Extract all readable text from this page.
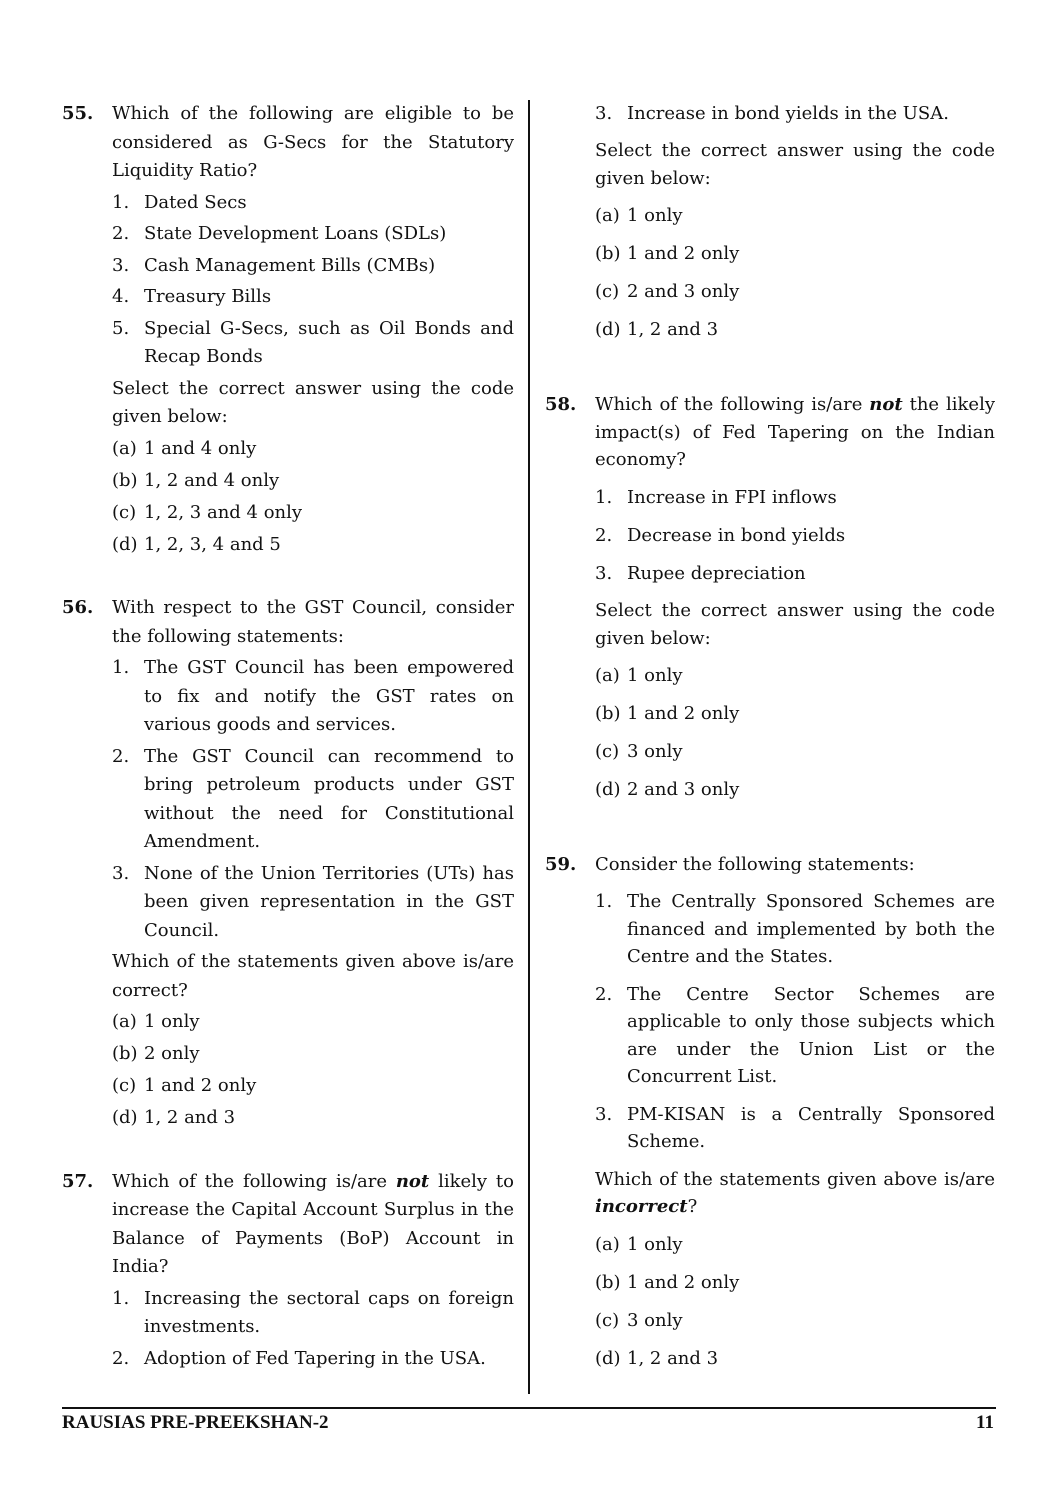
55. Which of the following are eligible to be considered as G-Secs for the Statutory Liquidity Ratio?
1. Dated Secs
2. State Development Loans (SDLs)
3. Cash Management Bills (CMBs)
4. Treasury Bills
5. Special G-Secs, such as Oil Bonds and Recap Bonds
Select the correct answer using the code given below:
(a) 1 and 4 only
(b) 1, 2 and 4 only
(c) 1, 2, 3 and 4 only
(d) 1, 2, 3, 4 and 5
56. With respect to the GST Council, consider the following statements:
1. The GST Council has been empowered to fix and notify the GST rates on various goods and services.
2. The GST Council can recommend to bring petroleum products under GST without the need for Constitutional Amendment.
3. None of the Union Territories (UTs) has been given representation in the GST Council.
Which of the statements given above is/are correct?
(a) 1 only
(b) 2 only
(c) 1 and 2 only
(d) 1, 2 and 3
57. Which of the following is/are not likely to increase the Capital Account Surplus in the Balance of Payments (BoP) Account in India?
1. Increasing the sectoral caps on foreign investments.
2. Adoption of Fed Tapering in the USA.
3. Increase in bond yields in the USA.
Select the correct answer using the code given below:
(a) 1 only
(b) 1 and 2 only
(c) 2 and 3 only
(d) 1, 2 and 3
58. Which of the following is/are not the likely impact(s) of Fed Tapering on the Indian economy?
1. Increase in FPI inflows
2. Decrease in bond yields
3. Rupee depreciation
Select the correct answer using the code given below:
(a) 1 only
(b) 1 and 2 only
(c) 3 only
(d) 2 and 3 only
59. Consider the following statements:
1. The Centrally Sponsored Schemes are financed and implemented by both the Centre and the States.
2. The Centre Sector Schemes are applicable to only those subjects which are under the Union List or the Concurrent List.
3. PM-KISAN is a Centrally Sponsored Scheme.
Which of the statements given above is/are incorrect?
(a) 1 only
(b) 1 and 2 only
(c) 3 only
(d) 1, 2 and 3
RAUSIAS PRE-PREEKSHAN-2	11
